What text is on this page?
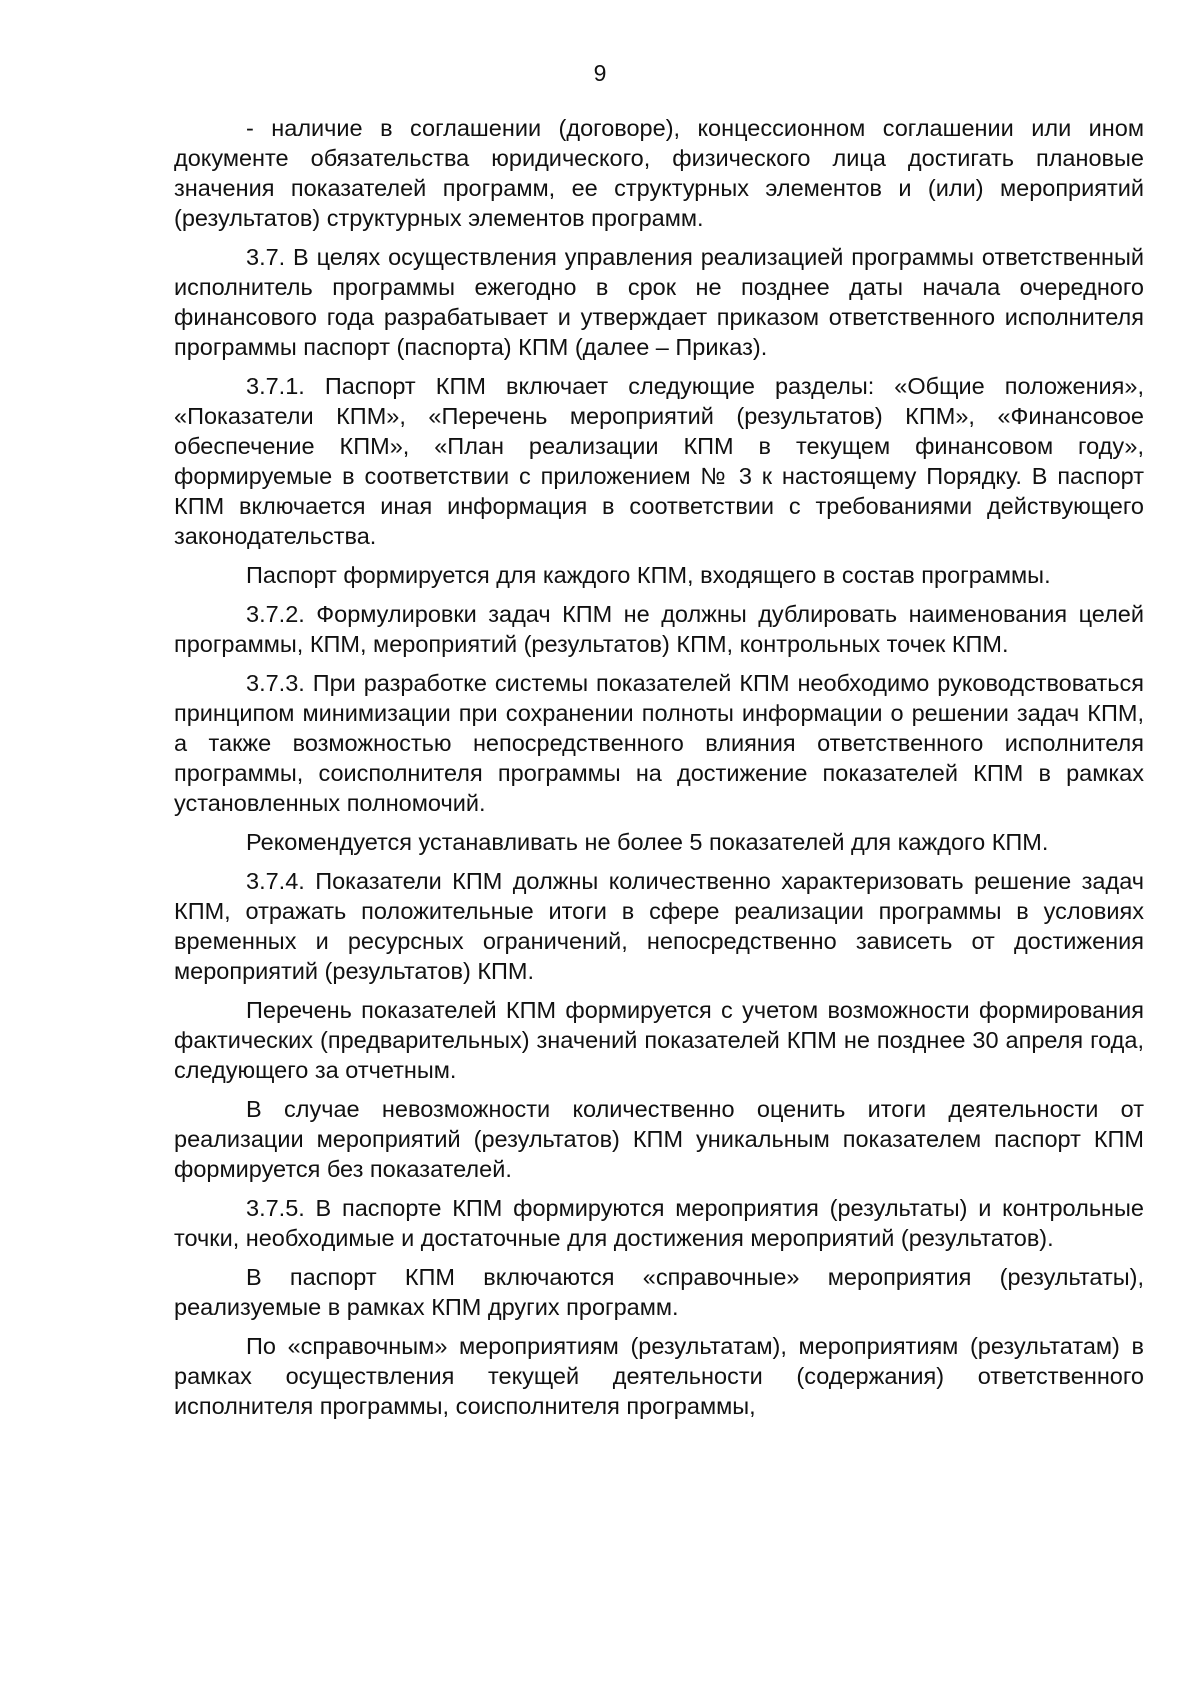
9

- наличие в соглашении (договоре), концессионном соглашении или ином документе обязательства юридического, физического лица достигать плановые значения показателей программ, ее структурных элементов и (или) мероприятий (результатов) структурных элементов программ.

3.7. В целях осуществления управления реализацией программы ответственный исполнитель программы ежегодно в срок не позднее даты начала очередного финансового года разрабатывает и утверждает приказом ответственного исполнителя программы паспорт (паспорта) КПМ (далее – Приказ).

3.7.1. Паспорт КПМ включает следующие разделы: «Общие положения», «Показатели КПМ», «Перечень мероприятий (результатов) КПМ», «Финансовое обеспечение КПМ», «План реализации КПМ в текущем финансовом году», формируемые в соответствии с приложением № 3 к настоящему Порядку. В паспорт КПМ включается иная информация в соответствии с требованиями действующего законодательства.

Паспорт формируется для каждого КПМ, входящего в состав программы.

3.7.2. Формулировки задач КПМ не должны дублировать наименования целей программы, КПМ, мероприятий (результатов) КПМ, контрольных точек КПМ.

3.7.3. При разработке системы показателей КПМ необходимо руководствоваться принципом минимизации при сохранении полноты информации о решении задач КПМ, а также возможностью непосредственного влияния ответственного исполнителя программы, соисполнителя программы на достижение показателей КПМ в рамках установленных полномочий.

Рекомендуется устанавливать не более 5 показателей для каждого КПМ.

3.7.4. Показатели КПМ должны количественно характеризовать решение задач КПМ, отражать положительные итоги в сфере реализации программы в условиях временных и ресурсных ограничений, непосредственно зависеть от достижения мероприятий (результатов) КПМ.

Перечень показателей КПМ формируется с учетом возможности формирования фактических (предварительных) значений показателей КПМ не позднее 30 апреля года, следующего за отчетным.

В случае невозможности количественно оценить итоги деятельности от реализации мероприятий (результатов) КПМ уникальным показателем паспорт КПМ формируется без показателей.

3.7.5. В паспорте КПМ формируются мероприятия (результаты) и контрольные точки, необходимые и достаточные для достижения мероприятий (результатов).

В паспорт КПМ включаются «справочные» мероприятия (результаты), реализуемые в рамках КПМ других программ.

По «справочным» мероприятиям (результатам), мероприятиям (результатам) в рамках осуществления текущей деятельности (содержания) ответственного исполнителя программы, соисполнителя программы,
